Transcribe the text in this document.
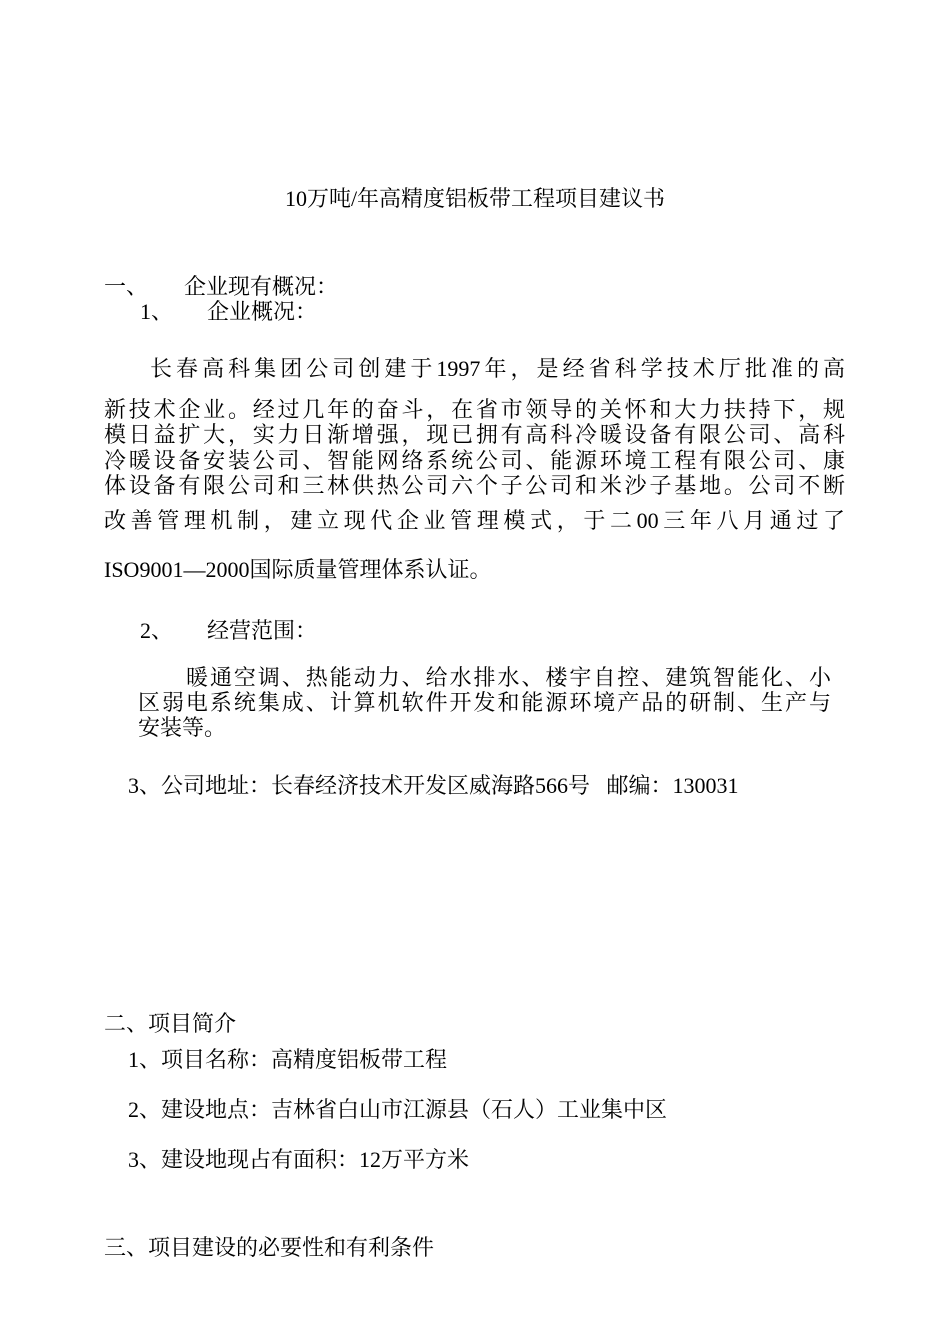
10万吨/年高精度铝板带工程项目建议书
一、 企业现有概况：
1、 企业概况：
长春高科集团公司创建于1997年，是经省科学技术厅批准的高
新技术企业。经过几年的奋斗，在省市领导的关怀和大力扶持下，规
模日益扩大，实力日渐增强，现已拥有高科冷暖设备有限公司、高科
冷暖设备安装公司、智能网络系统公司、能源环境工程有限公司、康
体设备有限公司和三林供热公司六个子公司和米沙子基地。公司不断
改善管理机制，建立现代企业管理模式，于二00三年八月通过了
ISO9001—2000国际质量管理体系认证。
2、 经营范围：
暖通空调、热能动力、给水排水、楼宇自控、建筑智能化、小
区弱电系统集成、计算机软件开发和能源环境产品的研制、生产与
安装等。
3、公司地址：长春经济技术开发区威海路566号   邮编：130031
二、项目简介
1、项目名称：高精度铝板带工程
2、建设地点：吉林省白山市江源县（石人）工业集中区
3、建设地现占有面积：12万平方米
三、项目建设的必要性和有利条件
